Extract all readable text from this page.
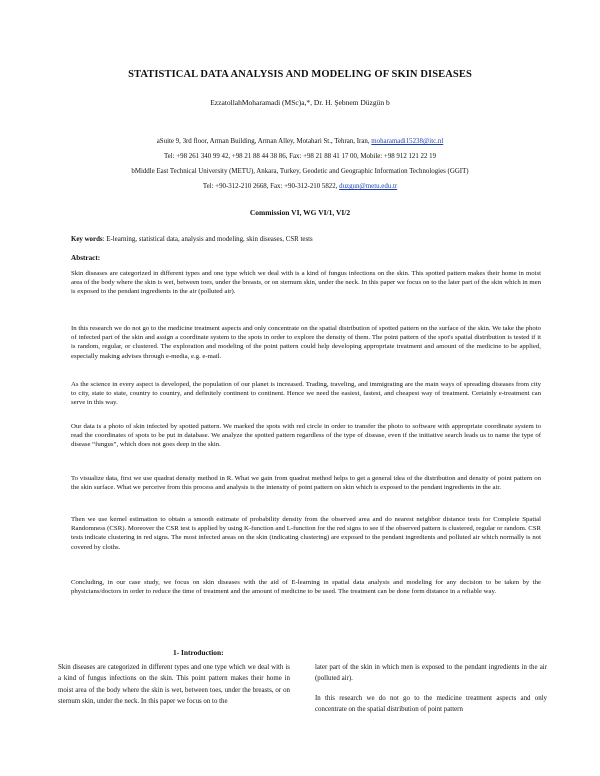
STATISTICAL DATA ANALYSIS AND MODELING OF SKIN DISEASES
EzzatollahMoharamadi (MSc)a,*, Dr. H. Şebnem Düzgün b
aSuite 9, 3rd floor, Arman Building, Arman Alley, Motahari St., Tehran, Iran, moharamadi15238@itc.nl
Tel: +98 261 340 99 42, +98 21 88 44 38 86, Fax: +98 21 88 41 17 00, Mobile: +98 912 121 22 19
bMiddle East Technical University (METU), Ankara, Turkey, Geodetic and Geographic Information Technologies (GGIT)
Tel: +90-312-210 2668, Fax: +90-312-210 5822, duzgun@metu.edu.tr
Commission VI, WG VI/1, VI/2
Key words: E-learning, statistical data, analysis and modeling, skin diseases, CSR tests
Abstract:
Skin diseases are categorized in different types and one type which we deal with is a kind of fungus infections on the skin. This spotted pattern makes their home in moist area of the body where the skin is wet, between toes, under the breasts, or on sternum skin, under the neck. In this paper we focus on to the later part of the skin which in men is exposed to the pendant ingredients in the air (polluted air).
In this research we do not go to the medicine treatment aspects and only concentrate on the spatial distribution of spotted pattern on the surface of the skin. We take the photo of infected part of the skin and assign a coordinate system to the spots in order to explore the density of them. The point pattern of the spot's spatial distribution is tested if it is random, regular, or clustered. The exploration and modeling of the point pattern could help developing appropriate treatment and amount of the medicine to be applied, especially making advises through e-media, e.g. e-mail.
As the science in every aspect is developed, the population of our planet is increased. Trading, traveling, and immigrating are the main ways of spreading diseases from city to city, state to state, country to country, and definitely continent to continent. Hence we need the easiest, fastest, and cheapest way of treatment. Certainly e-treatment can serve in this way.
Our data is a photo of skin infected by spotted pattern. We marked the spots with red circle in order to transfer the photo to software with appropriate coordinate system to read the coordinates of spots to be put in database. We analyze the spotted pattern regardless of the type of disease, even if the initiative search leads us to name the type of disease “fungus”, which does not goes deep in the skin.
To visualize data, first we use quadrat density method in R. What we gain from quadrat method helps to get a general idea of the distribution and density of point pattern on the skin surface. What we perceive from this process and analysis is the intensity of point pattern on skin which is exposed to the pendant ingredients in the air.
Then we use kernel estimation to obtain a smooth estimate of probability density from the observed area and do nearest neighbor distance tests for Complete Spatial Randomness (CSR). Moreover the CSR test is applied by using K-function and L-function for the red signs to see if the observed pattern is clustered, regular or random. CSR tests indicate clustering in red signs. The most infected areas on the skin (indicating clustering) are exposed to the pendant ingredients and polluted air which normally is not covered by cloths.
Concluding, in our case study, we focus on skin diseases with the aid of E-learning in spatial data analysis and modeling for any decision to be taken by the physicians/doctors in order to reduce the time of treatment and the amount of medicine to be used. The treatment can be done form distance in a reliable way.
1- Introduction:

Skin diseases are categorized in different types and one type which we deal with is a kind of fungus infections on the skin. This point pattern makes their home in moist area of the body where the skin is wet, between toes, under the breasts, or on sternum skin, under the neck. In this paper we focus on to the

later part of the skin in which men is exposed to the pendant ingredients in the air (polluted air).

In this research we do not go to the medicine treatment aspects and only concentrate on the spatial distribution of point pattern
